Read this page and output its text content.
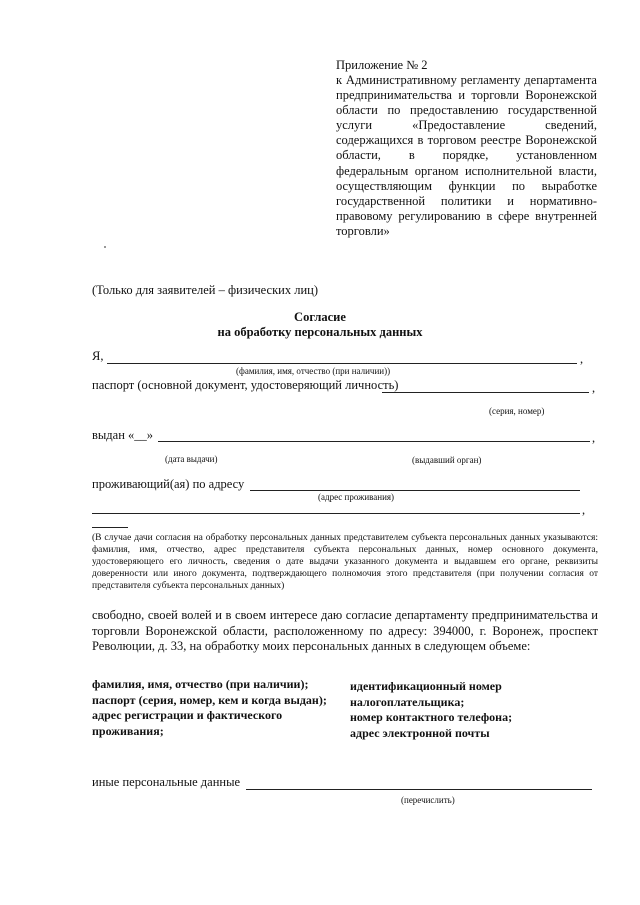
Приложение № 2
к Административному регламенту департамента предпринимательства и торговли Воронежской области по предоставлению государственной услуги «Предоставление сведений, содержащихся в торговом реестре Воронежской области, в порядке, установленном федеральным органом исполнительной власти, осуществляющим функции по выработке государственной политики и нормативно-правовому регулированию в сфере внутренней торговли»
(Только для заявителей – физических лиц)
Согласие
на обработку персональных данных
Я,	,
(фамилия, имя, отчество (при наличии))
паспорт (основной документ, удостоверяющий личность)	,
(серия, номер)
выдан «__»	,
(дата выдачи)	(выдавший орган)
проживающий(ая) по адресу
(адрес проживания)
,
(В случае дачи согласия на обработку персональных данных представителем субъекта персональных данных указываются: фамилия, имя, отчество, адрес представителя субъекта персональных данных, номер основного документа, удостоверяющего его личность, сведения о дате выдачи указанного документа и выдавшем его органе, реквизиты доверенности или иного документа, подтверждающего полномочия этого представителя (при получении согласия от представителя субъекта персональных данных)
свободно, своей волей и в своем интересе даю согласие департаменту предпринимательства и торговли Воронежской области, расположенному по адресу: 394000, г. Воронеж, проспект Революции, д. 33, на обработку моих персональных данных в следующем объеме:
фамилия, имя, отчество (при наличии);
паспорт (серия, номер, кем и когда выдан);
адрес регистрации и фактического проживания;
идентификационный номер налогоплательщика;
номер контактного телефона;
адрес электронной почты
иные персональные данные
(перечислить)
